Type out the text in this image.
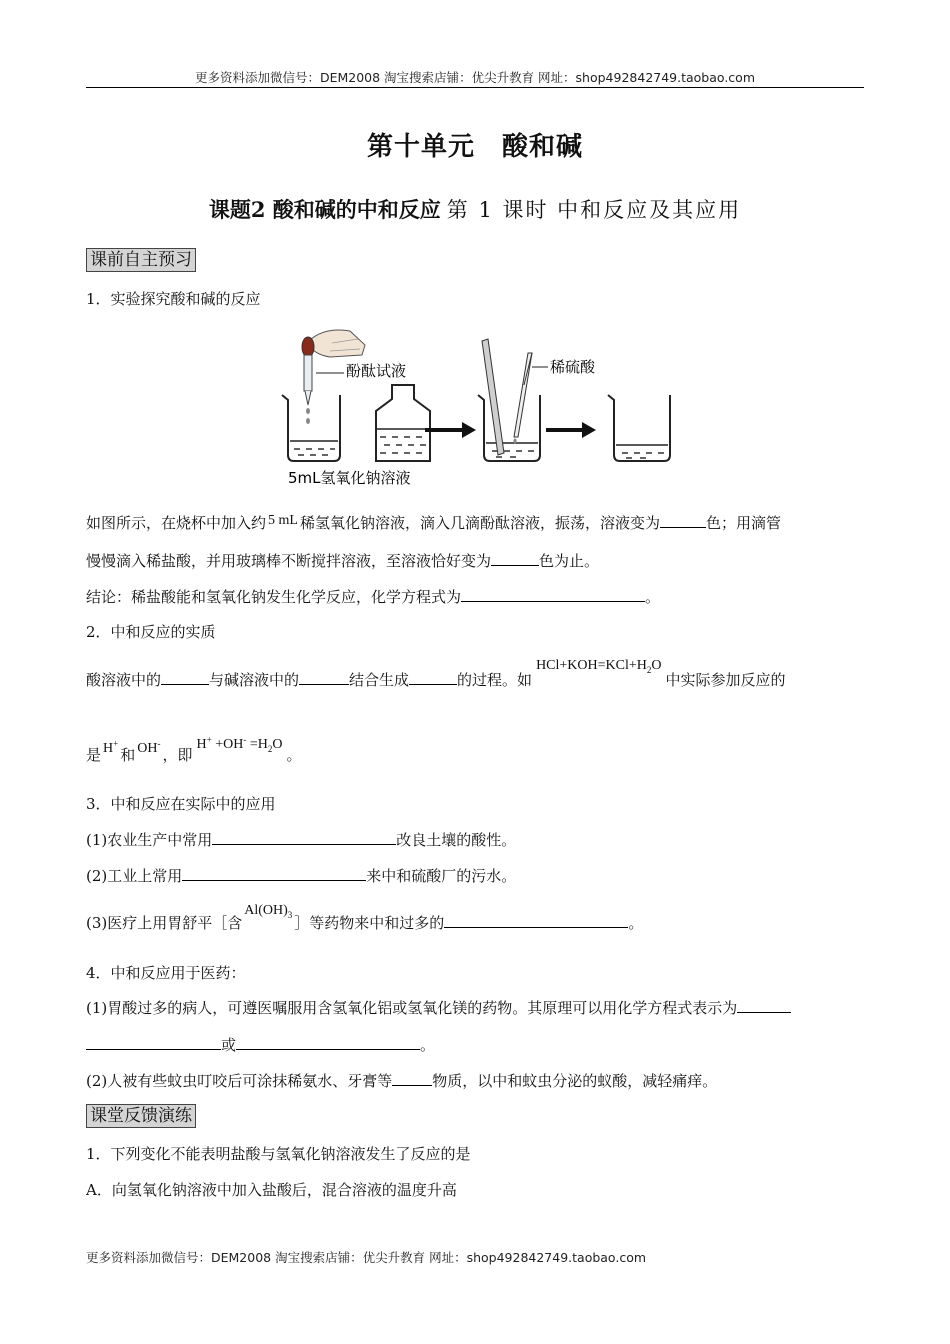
更多资料添加微信号：DEM2008 淘宝搜索店铺：优尖升教育 网址：shop492842749.taobao.com
第十单元　酸和碱
课题2 酸和碱的中和反应 第 1 课时 中和反应及其应用
课前自主预习
1．实验探究酸和碱的反应
酚酞试液	稀硫酸
5mL氢氧化钠溶液
如图所示，在烧杯中加入约 5 mL 稀氢氧化钠溶液，滴入几滴酚酞溶液，振荡，溶液变为	色；用滴管
慢慢滴入稀盐酸，并用玻璃棒不断搅拌溶液，至溶液恰好变为	色为止。
结论：稀盐酸能和氢氧化钠发生化学反应，化学方程式为	。
2．中和反应的实质
酸溶液中的	与碱溶液中的	结合生成	的过程。如$HCl+KOH=KCl+H_2O$中实际参加反应的
是 H+和 OH-，即$H^+ +OH^- =H_2O$。
3．中和反应在实际中的应用
(1)农业生产中常用	改良土壤的酸性。
(2)工业上常用	来中和硫酸厂的污水。
(3)医疗上用胃舒平［含$Al(OH)_3$ ］等药物来中和过多的	。
4．中和反应用于医药：
(1)胃酸过多的病人，可遵医嘱服用含氢氧化铝或氢氧化镁的药物。其原理可以用化学方程式表示为
或	。
(2)人被有些蚊虫叮咬后可涂抹稀氨水、牙膏等	物质，以中和蚊虫分泌的蚁酸，减轻痛痒。
课堂反馈演练
1．下列变化不能表明盐酸与氢氧化钠溶液发生了反应的是
A．向氢氧化钠溶液中加入盐酸后，混合溶液的温度升高
更多资料添加微信号：DEM2008 淘宝搜索店铺：优尖升教育 网址：shop492842749.taobao.com
